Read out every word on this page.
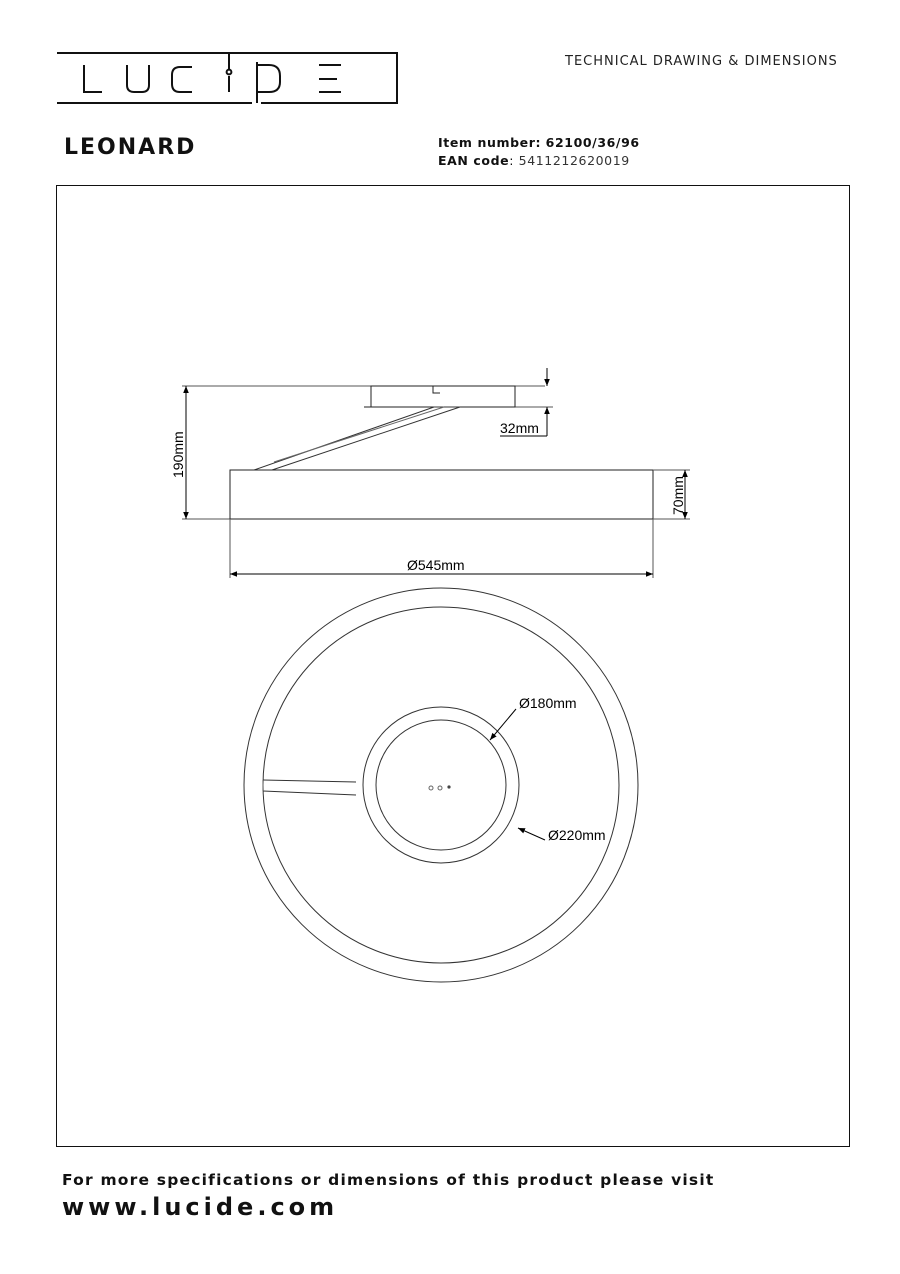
TECHNICAL DRAWING & DIMENSIONS
LEONARD	Item number: 62100/36/96
EAN code: 5411212620019
190mm
32mm
70mm
Ø545mm
Ø180mm
Ø220mm
For more specifications or dimensions of this product please visit
www.lucide.com
